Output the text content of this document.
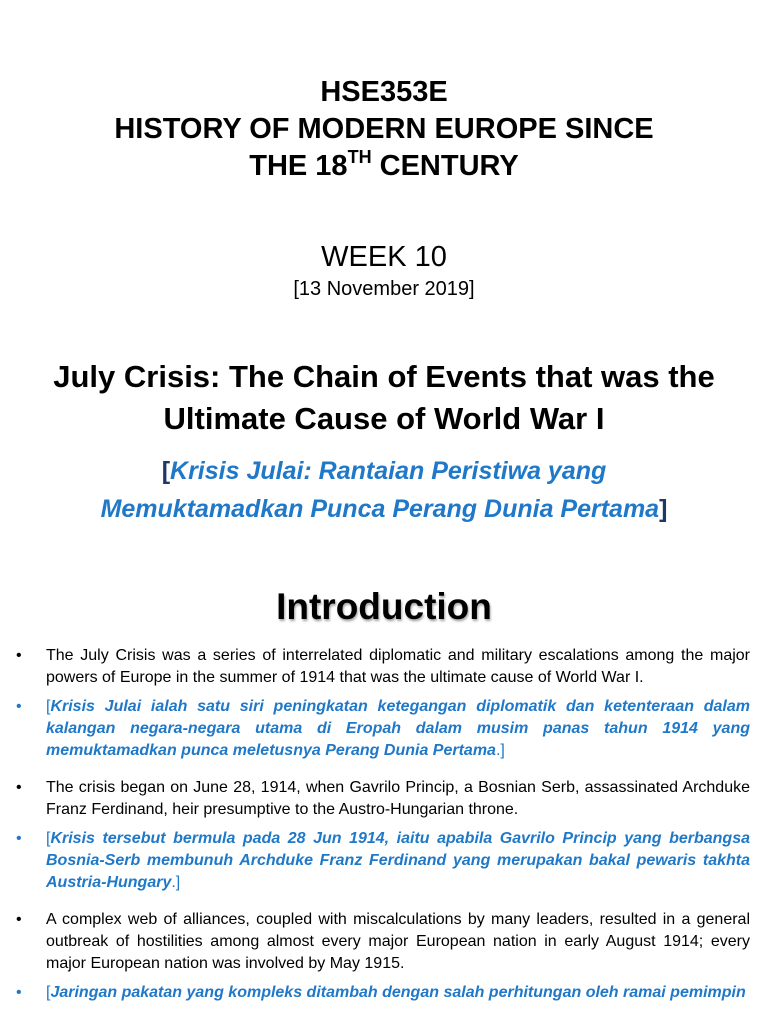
HSE353E
HISTORY OF MODERN EUROPE SINCE
THE 18TH CENTURY
WEEK 10
[13 November 2019]
July Crisis: The Chain of Events that was the
Ultimate Cause of World War I
[Krisis Julai: Rantaian Peristiwa yang
Memuktamadkan Punca Perang Dunia Pertama]
Introduction
• The July Crisis was a series of interrelated diplomatic and military escalations among the major powers of Europe in the summer of 1914 that was the ultimate cause of World War I.
• [Krisis Julai ialah satu siri peningkatan ketegangan diplomatik dan ketenteraan dalam kalangan negara-negara utama di Eropah dalam musim panas tahun 1914 yang memuktamadkan punca meletusnya Perang Dunia Pertama.]
• The crisis began on June 28, 1914, when Gavrilo Princip, a Bosnian Serb, assassinated Archduke Franz Ferdinand, heir presumptive to the Austro-Hungarian throne.
• [Krisis tersebut bermula pada 28 Jun 1914, iaitu apabila Gavrilo Princip yang berbangsa Bosnia-Serb membunuh Archduke Franz Ferdinand yang merupakan bakal pewaris takhta Austria-Hungary.]
• A complex web of alliances, coupled with miscalculations by many leaders, resulted in a general outbreak of hostilities among almost every major European nation in early August 1914; every major European nation was involved by May 1915.
• [Jaringan pakatan yang kompleks ditambah dengan salah perhitungan oleh ramai pemimpin
